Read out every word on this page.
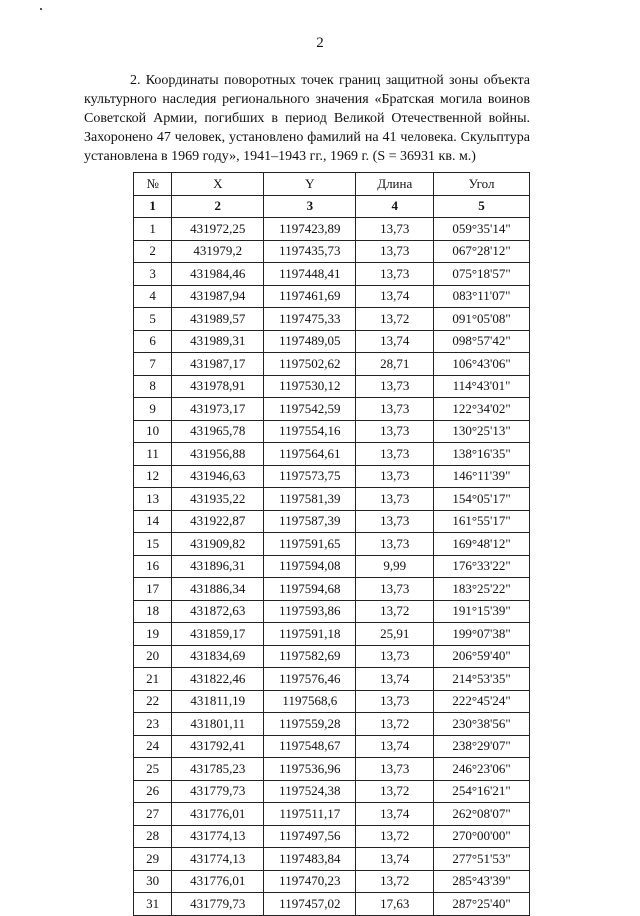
2
2. Координаты поворотных точек границ защитной зоны объекта
культурного наследия регионального значения «Братская могила воинов
Советской Армии, погибших в период Великой Отечественной войны.
Захоронено 47 человек, установлено фамилий на 41 человека. Скульптура
установлена в 1969 году», 1941–1943 гг., 1969 г. (S = 36931 кв. м.)
№	X	Y	Длина	Угол
1	2	3	4	5
1	431972,25	1197423,89	13,73	059°35'14"
2	431979,2	1197435,73	13,73	067°28'12"
3	431984,46	1197448,41	13,73	075°18'57"
4	431987,94	1197461,69	13,74	083°11'07"
5	431989,57	1197475,33	13,72	091°05'08"
6	431989,31	1197489,05	13,74	098°57'42"
7	431987,17	1197502,62	28,71	106°43'06"
8	431978,91	1197530,12	13,73	114°43'01"
9	431973,17	1197542,59	13,73	122°34'02"
10	431965,78	1197554,16	13,73	130°25'13"
11	431956,88	1197564,61	13,73	138°16'35"
12	431946,63	1197573,75	13,73	146°11'39"
13	431935,22	1197581,39	13,73	154°05'17"
14	431922,87	1197587,39	13,73	161°55'17"
15	431909,82	1197591,65	13,73	169°48'12"
16	431896,31	1197594,08	9,99	176°33'22"
17	431886,34	1197594,68	13,73	183°25'22"
18	431872,63	1197593,86	13,72	191°15'39"
19	431859,17	1197591,18	25,91	199°07'38"
20	431834,69	1197582,69	13,73	206°59'40"
21	431822,46	1197576,46	13,74	214°53'35"
22	431811,19	1197568,6	13,73	222°45'24"
23	431801,11	1197559,28	13,72	230°38'56"
24	431792,41	1197548,67	13,74	238°29'07"
25	431785,23	1197536,96	13,73	246°23'06"
26	431779,73	1197524,38	13,72	254°16'21"
27	431776,01	1197511,17	13,74	262°08'07"
28	431774,13	1197497,56	13,72	270°00'00"
29	431774,13	1197483,84	13,74	277°51'53"
30	431776,01	1197470,23	13,72	285°43'39"
31	431779,73	1197457,02	17,63	287°25'40"
